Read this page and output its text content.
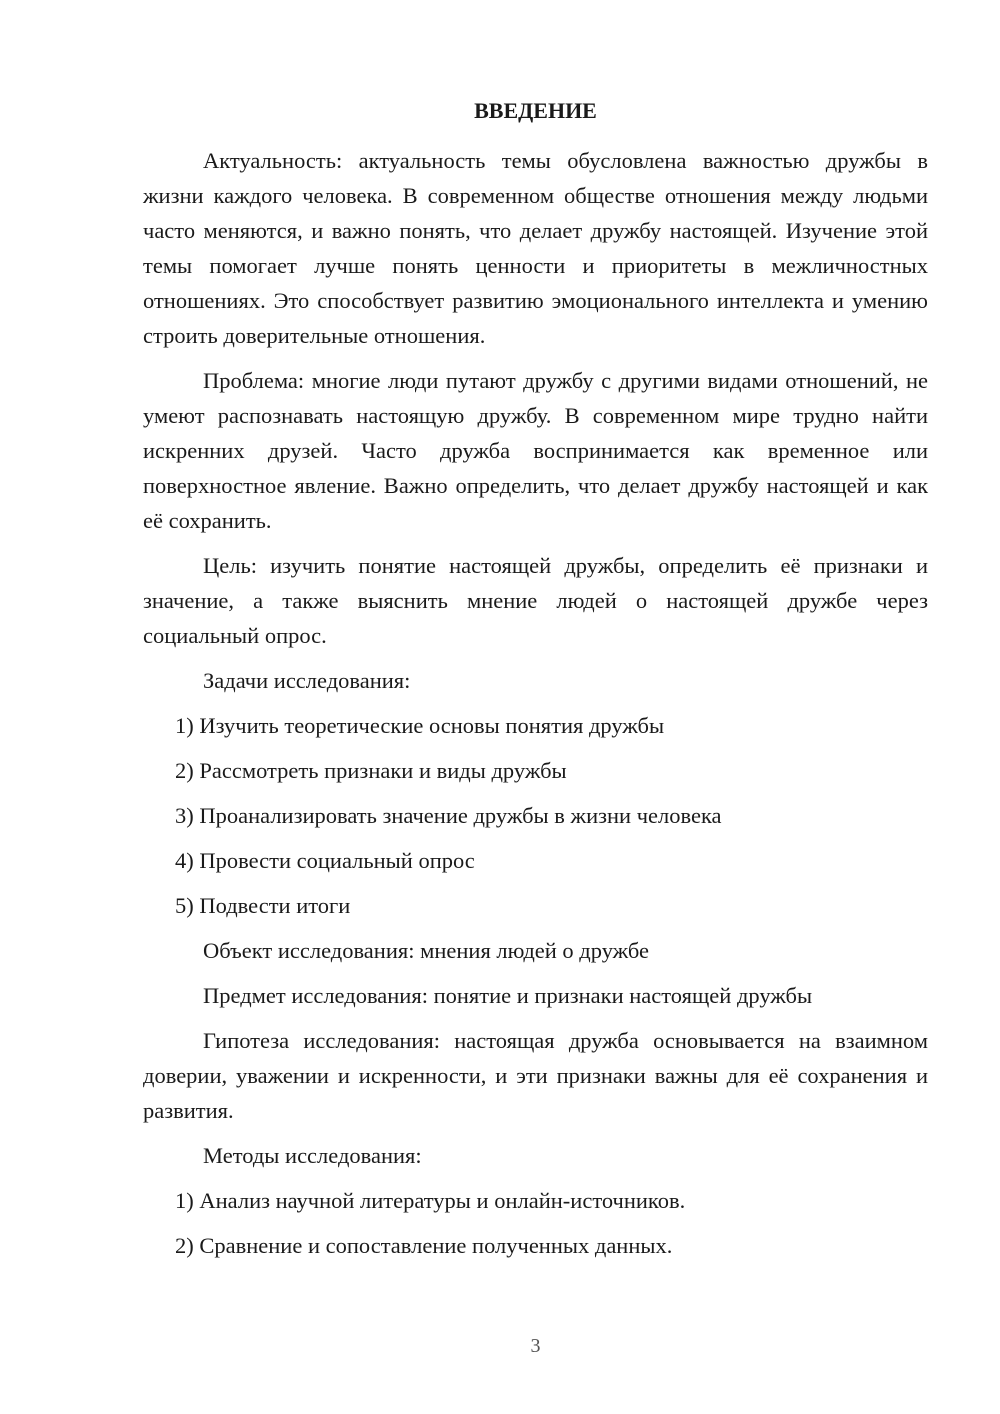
ВВЕДЕНИЕ

Актуальность: актуальность темы обусловлена важностью дружбы в жизни каждого человека. В современном обществе отношения между людьми часто меняются, и важно понять, что делает дружбу настоящей. Изучение этой темы помогает лучше понять ценности и приоритеты в межличностных отношениях. Это способствует развитию эмоционального интеллекта и умению строить доверительные отношения.

Проблема: многие люди путают дружбу с другими видами отношений, не умеют распознавать настоящую дружбу. В современном мире трудно найти искренних друзей. Часто дружба воспринимается как временное или поверхностное явление. Важно определить, что делает дружбу настоящей и как её сохранить.

Цель: изучить понятие настоящей дружбы, определить её признаки и значение, а также выяснить мнение людей о настоящей дружбе через социальный опрос.

Задачи исследования:

1) Изучить теоретические основы понятия дружбы

2) Рассмотреть признаки и виды дружбы

3) Проанализировать значение дружбы в жизни человека

4) Провести социальный опрос

5) Подвести итоги

Объект исследования: мнения людей о дружбе

Предмет исследования: понятие и признаки настоящей дружбы

Гипотеза исследования: настоящая дружба основывается на взаимном доверии, уважении и искренности, и эти признаки важны для её сохранения и развития.

Методы исследования:

1) Анализ научной литературы и онлайн-источников.

2) Сравнение и сопоставление полученных данных.

3
